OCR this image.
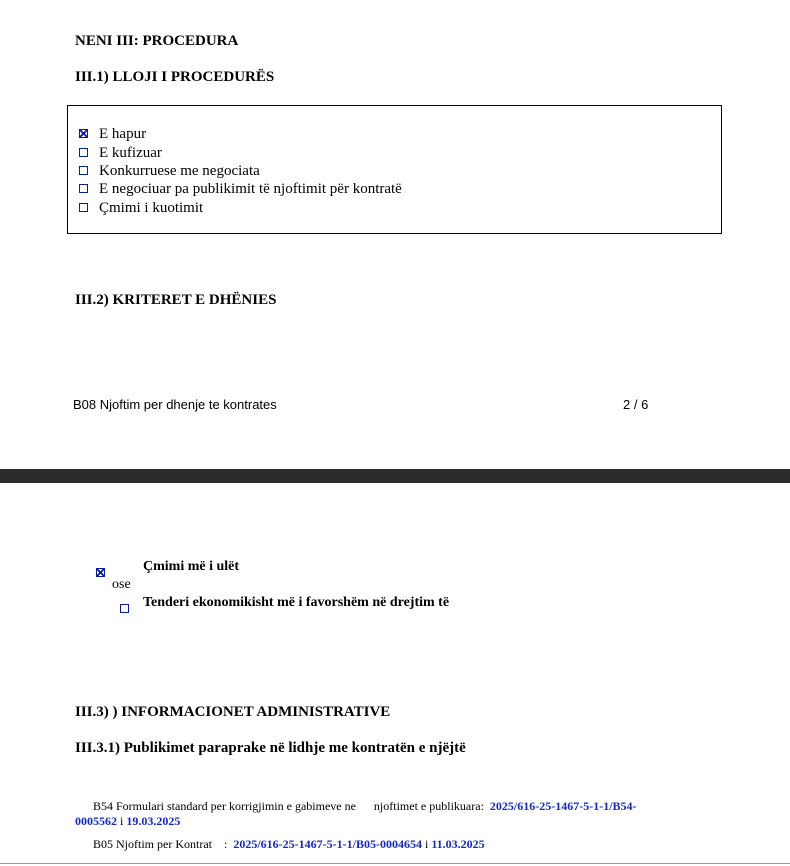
NENI III: PROCEDURA
III.1) LLOJI I PROCEDURËS
E hapur
E kufizuar
Konkurruese me negociata
E negociuar pa publikimit të njoftimit për kontratë
Çmimi i kuotimit
III.2) KRITERET E DHËNIES
B08 Njoftim per dhenje te kontrates	2 / 6

Çmimi më i ulët
ose
Tenderi ekonomikisht më i favorshëm në drejtim të
III.3) ) INFORMACIONET ADMINISTRATIVE
III.3.1) Publikimet paraprake në lidhje me kontratën e njëjtë
B54 Formulari standard per korrigjimin e gabimeve ne      njoftimet e publikuara: 2025/616-25-1467-5-1-1/B54-
0005562 i 19.03.2025
B05 Njoftim per Kontrat    : 2025/616-25-1467-5-1-1/B05-0004654 i 11.03.2025
